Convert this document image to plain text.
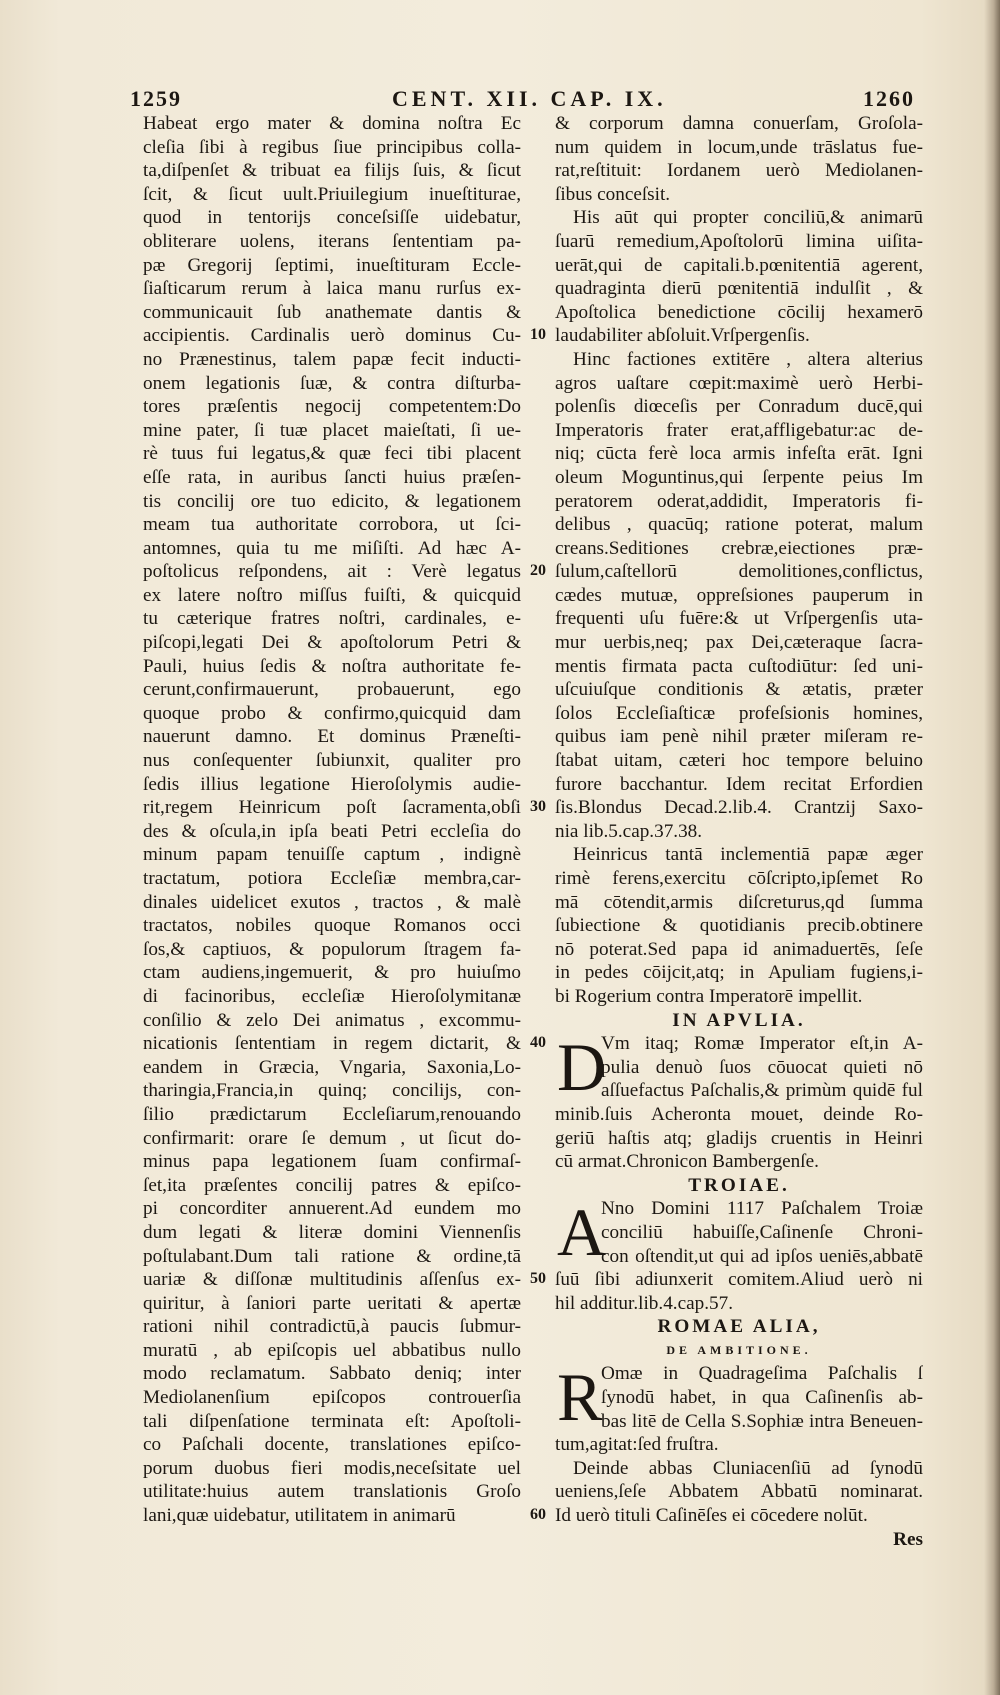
1259	CENT. XII. CAP. IX.	1260
Habeat ergo mater & domina noſtra Ec
cleſia ſibi à regibus ſiue principibus colla-
ta,diſpenſet & tribuat ea filijs ſuis, & ſicut
ſcit, & ſicut uult.Priuilegium inueſtiturae,
quod in tentorijs conceſsiſſe uidebatur,
obliterare uolens, iterans ſententiam pa-
pæ Gregorij ſeptimi, inueſtituram Eccle-
ſiaſticarum rerum à laica manu rurſus ex-
communicauit ſub anathemate dantis &
accipientis. Cardinalis uerò dominus Cu-
no Prænestinus, talem papæ fecit inducti-
onem legationis ſuæ, & contra diſturba-
tores præſentis negocij competentem:Do
mine pater, ſi tuæ placet maieſtati, ſi ue-
rè tuus fui legatus,& quæ feci tibi placent
eſſe rata, in auribus ſancti huius præſen-
tis concilij ore tuo edicito, & legationem
meam tua authoritate corrobora, ut ſci-
antomnes, quia tu me miſiſti. Ad hæc A-
poſtolicus reſpondens, ait : Verè legatus
ex latere noſtro miſſus fuiſti, & quicquid
tu cæterique fratres noſtri, cardinales, e-
piſcopi,legati Dei & apoſtolorum Petri &
Pauli, huius ſedis & noſtra authoritate fe-
cerunt,confirmauerunt, probauerunt, ego
quoque probo & confirmo,quicquid dam
nauerunt damno. Et dominus Præneſti-
nus conſequenter ſubiunxit, qualiter pro
ſedis illius legatione Hieroſolymis audie-
rit,regem Heinricum poſt ſacramenta,obſi
des & oſcula,in ipſa beati Petri eccleſia do
minum papam tenuiſſe captum , indignè
tractatum, potiora Eccleſiæ membra,car-
dinales uidelicet exutos , tractos , & malè
tractatos, nobiles quoque Romanos occi
ſos,& captiuos, & populorum ſtragem fa-
ctam audiens,ingemuerit, & pro huiuſmo
di facinoribus, eccleſiæ Hieroſolymitanæ
conſilio & zelo Dei animatus , excommu-
nicationis ſententiam in regem dictarit, &
eandem in Græcia, Vngaria, Saxonia,Lo-
tharingia,Francia,in quinq; concilijs, con-
ſilio prædictarum Eccleſiarum,renouando
confirmarit: orare ſe demum , ut ſicut do-
minus papa legationem ſuam confirmaſ-
ſet,ita præſentes concilij patres & epiſco-
pi concorditer annuerent.Ad eundem mo
dum legati & literæ domini Viennenſis
poſtulabant.Dum tali ratione & ordine,tā
uariæ & diſſonæ multitudinis aſſenſus ex-
quiritur, à ſaniori parte ueritati & apertæ
rationi nihil contradictū,à paucis ſubmur-
muratū , ab epiſcopis uel abbatibus nullo
modo reclamatum. Sabbato deniq; inter
Mediolanenſium epiſcopos controuerſia
tali diſpenſatione terminata eſt: Apoſtoli-
co Paſchali docente, translationes epiſco-
porum duobus fieri modis,neceſsitate uel
utilitate:huius autem translationis Groſo
lani,quæ uidebatur, utilitatem in animarū
10
20
30
40
50
60
& corporum damna conuerſam, Groſola-
num quidem in locum,unde trāslatus fue-
rat,reſtituit: Iordanem uerò Mediolanen-
ſibus conceſsit.
His aūt qui propter conciliū,& animarū
ſuarū remedium,Apoſtolorū limina uiſita-
uerāt,qui de capitali.b.pœnitentiā agerent,
quadraginta dierū pœnitentiā indulſit , &
Apoſtolica benedictione cōcilij hexamerō
laudabiliter abſoluit.Vrſpergenſis.
Hinc factiones extitēre , altera alterius
agros uaſtare cœpit:maximè uerò Herbi-
polenſis diœceſis per Conradum ducē,qui
Imperatoris frater erat,affligebatur:ac de-
niq; cūcta ferè loca armis infeſta erāt. Igni
oleum Moguntinus,qui ſerpente peius Im
peratorem oderat,addidit, Imperatoris fi-
delibus , quacūq; ratione poterat, malum
creans.Seditiones crebræ,eiectiones præ-
ſulum,caſtellorū demolitiones,conflictus,
cædes mutuæ, oppreſsiones pauperum in
frequenti uſu fuēre:& ut Vrſpergenſis uta-
mur uerbis,neq; pax Dei,cæteraque ſacra-
mentis firmata pacta cuſtodiūtur: ſed uni-
uſcuiuſque conditionis & ætatis, præter
ſolos Eccleſiaſticæ profeſsionis homines,
quibus iam penè nihil præter miſeram re-
ſtabat uitam, cæteri hoc tempore beluino
furore bacchantur. Idem recitat Erfordien
ſis.Blondus Decad.2.lib.4. Crantzij Saxo-
nia lib.5.cap.37.38.
Heinricus tantā inclementiā papæ æger
rimè ferens,exercitu cōſcripto,ipſemet Ro
mā cōtendit,armis diſcreturus,qd ſumma
ſubiectione & quotidianis precib.obtinere
nō poterat.Sed papa id animaduertēs, ſeſe
in pedes cōijcit,atq; in Apuliam fugiens,i-
bi Rogerium contra Imperatorē impellit.
IN APVLIA.
D
Vm itaq; Romæ Imperator eſt,in A-
pulia denuò ſuos cōuocat quieti nō
aſſuefactus Paſchalis,& primùm quidē ful
minib.ſuis Acheronta mouet, deinde Ro-
geriū haſtis atq; gladijs cruentis in Heinri
cū armat.Chronicon Bambergenſe.
TROIAE.
A
Nno Domini 1117 Paſchalem Troiæ
conciliū habuiſſe,Caſinenſe Chroni-
con oſtendit,ut qui ad ipſos ueniēs,abbatē
ſuū ſibi adiunxerit comitem.Aliud uerò ni
hil additur.lib.4.cap.57.
ROMAE ALIA,
DE AMBITIONE.
R
Omæ in Quadrageſima Paſchalis ſ
ſynodū habet, in qua Caſinenſis ab-
bas litē de Cella S.Sophiæ intra Beneuen-
tum,agitat:ſed fruſtra.
Deinde abbas Cluniacenſiū ad ſynodū
ueniens,ſeſe Abbatem Abbatū nominarat.
Id uerò tituli Caſinēſes ei cōcedere nolūt.
Res
